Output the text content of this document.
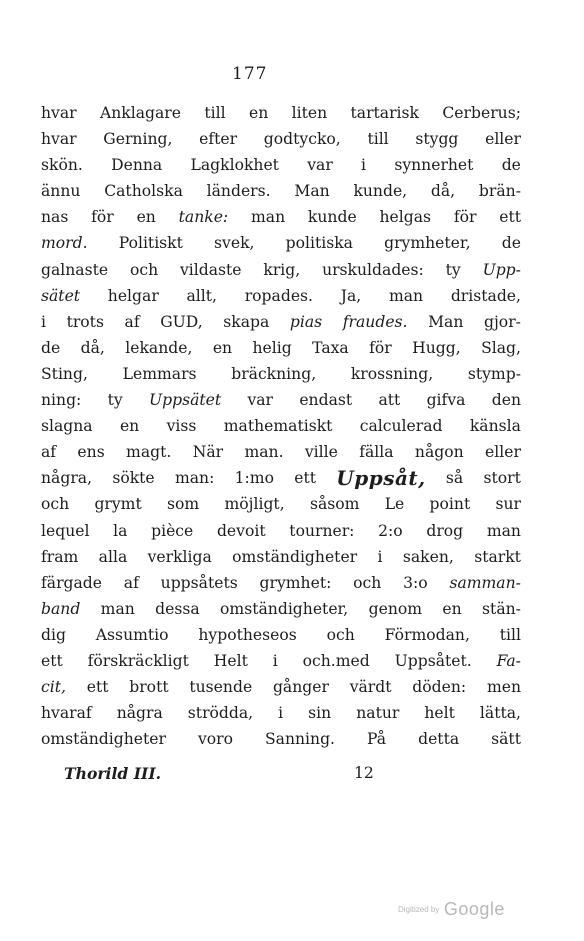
177
hvar Anklagare till en liten tartarisk Cerberus;
hvar Gerning, efter godtycko, till stygg eller
skön. Denna Lagklokhet var i synnerhet de
ännu Catholska länders. Man kunde, då, brän-
nas för en tanke: man kunde helgas för ett
mord. Politiskt svek, politiska grymheter, de
galnaste och vildaste krig, urskuldades: ty Upp-
sätet helgar allt, ropades. Ja, man dristade,
i trots af GUD, skapa pias fraudes. Man gjor-
de då, lekande, en helig Taxa för Hugg, Slag,
Sting, Lemmars bräckning, krossning, stymp-
ning: ty Uppsätet var endast att gifva den
slagna en viss mathematiskt calculerad känsla
af ens magt. När man. ville fälla någon eller
några, sökte man: 1:mo ett Uppsåt, så stort
och grymt som möjligt, såsom Le point sur
lequel la pièce devoit tourner: 2:o drog man
fram alla verkliga omständigheter i saken, starkt
färgade af uppsåtets grymhet: och 3:o samman-
band man dessa omständigheter, genom en stän-
dig Assumtio hypotheseos och Förmodan, till
ett förskräckligt Helt i och.med Uppsåtet. Fa-
cit, ett brott tusende gånger värdt döden: men
hvaraf några strödda, i sin natur helt lätta,
omständigheter voro Sanning. På detta sätt
Thorild III.	12
Digitized by Google
